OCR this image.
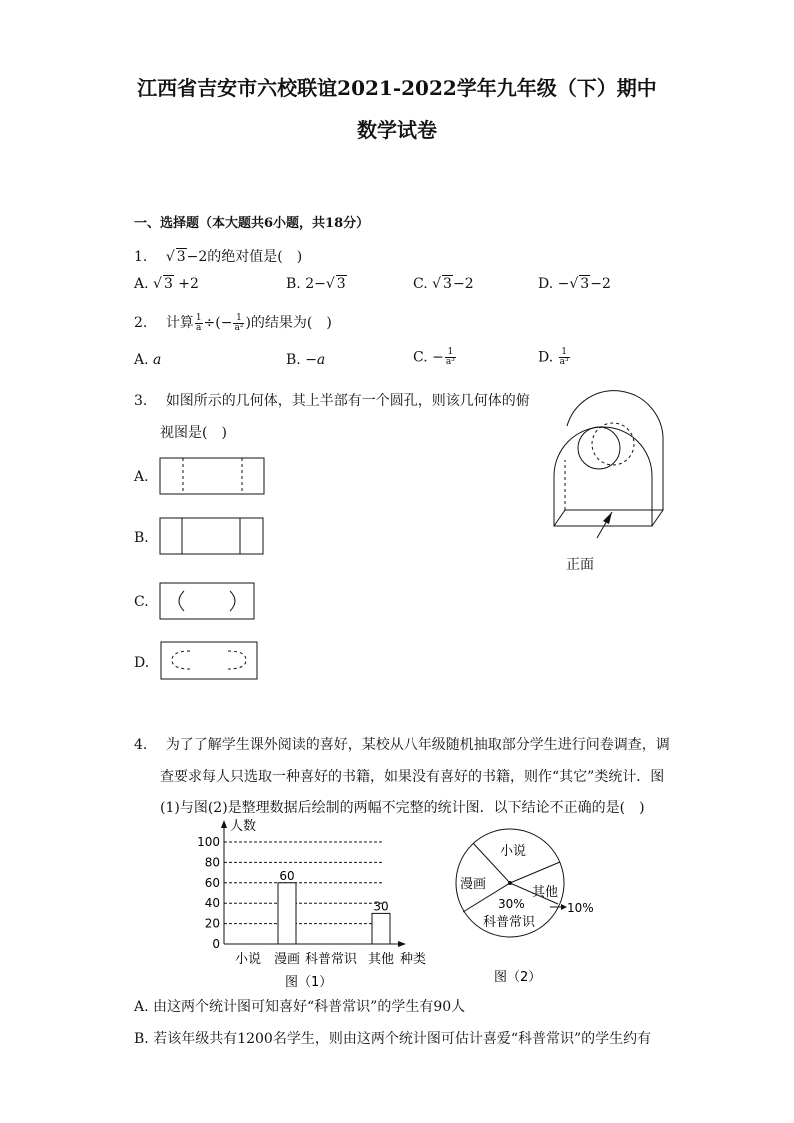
江西省吉安市六校联谊2021-2022学年九年级（下）期中
数学试卷
一、选择题（本大题共6小题，共18分）
1. √ 3−2的绝对值是(　)
A. √ 3 +2	B. 2−√ 3	C. √ 3−2	D. −√ 3−2
2. 计算 $\frac{1}{a}$ ÷(− $\frac{1}{\text{a²}}$ )的结果为(　)
A. a	B. −a	C. − $\frac{1}{\text{a³}}$	D. $\frac{1}{\text{a³}}$
3. 如图所示的几何体，其上半部有一个圆孔，则该几何体的俯
视图是(　)
A.
B.
C.
D.
正面
4. 为了了解学生课外阅读的喜好，某校从八年级随机抽取部分学生进行问卷调查，调
查要求每人只选取一种喜好的书籍，如果没有喜好的书籍，则作“其它”类统计．图
(1)与图(2)是整理数据后绘制的两幅不完整的统计图．以下结论不正确的是(　)
人数
种类
0
20
40
60
80
100
60
30
小说 漫画 科普常识 其他
图（1）
小说
漫画
其他
30%
科普常识
10%
图（2）
A. 由这两个统计图可知喜好“科普常识”的学生有90人
B. 若该年级共有1200名学生，则由这两个统计图可估计喜爱“科普常识”的学生约有
